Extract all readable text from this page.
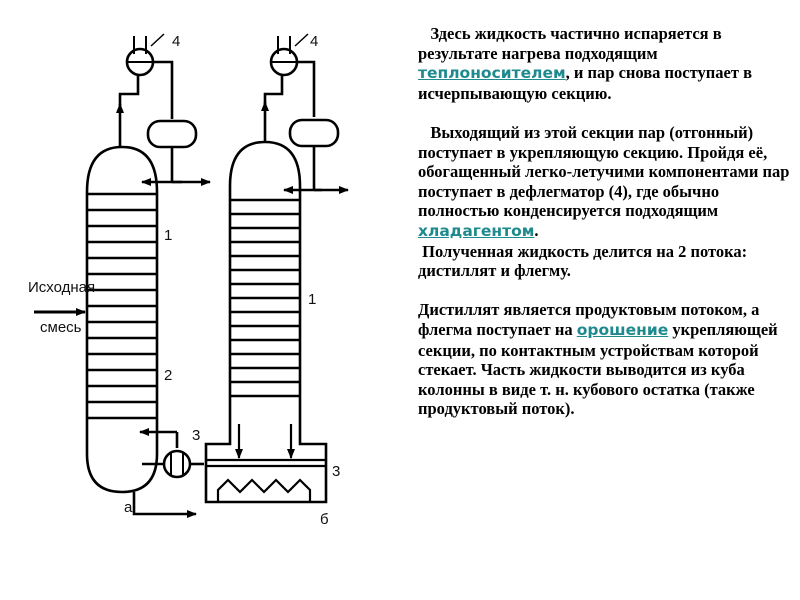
Исходная
смесь
1
2
3
4
а
1
3
4
б

Здесь жидкость частично испаряется в результате нагрева подходящим теплоносителем, и пар снова поступает в исчерпывающую секцию.

Выходящий из этой секции пар (отгонный) поступает в укрепляющую секцию. Пройдя её, обогащенный легко-летучими компонентами пар поступает в дефлегматор (4), где обычно полностью конденсируется подходящим хладагентом.

Полученная жидкость делится на 2 потока: дистиллят и флегму.

Дистиллят является продуктовым потоком, а флегма поступает на орошение укрепляющей секции, по контактным устройствам которой стекает. Часть жидкости выводится из куба колонны в виде т. н. кубового остатка (также продуктовый поток).
